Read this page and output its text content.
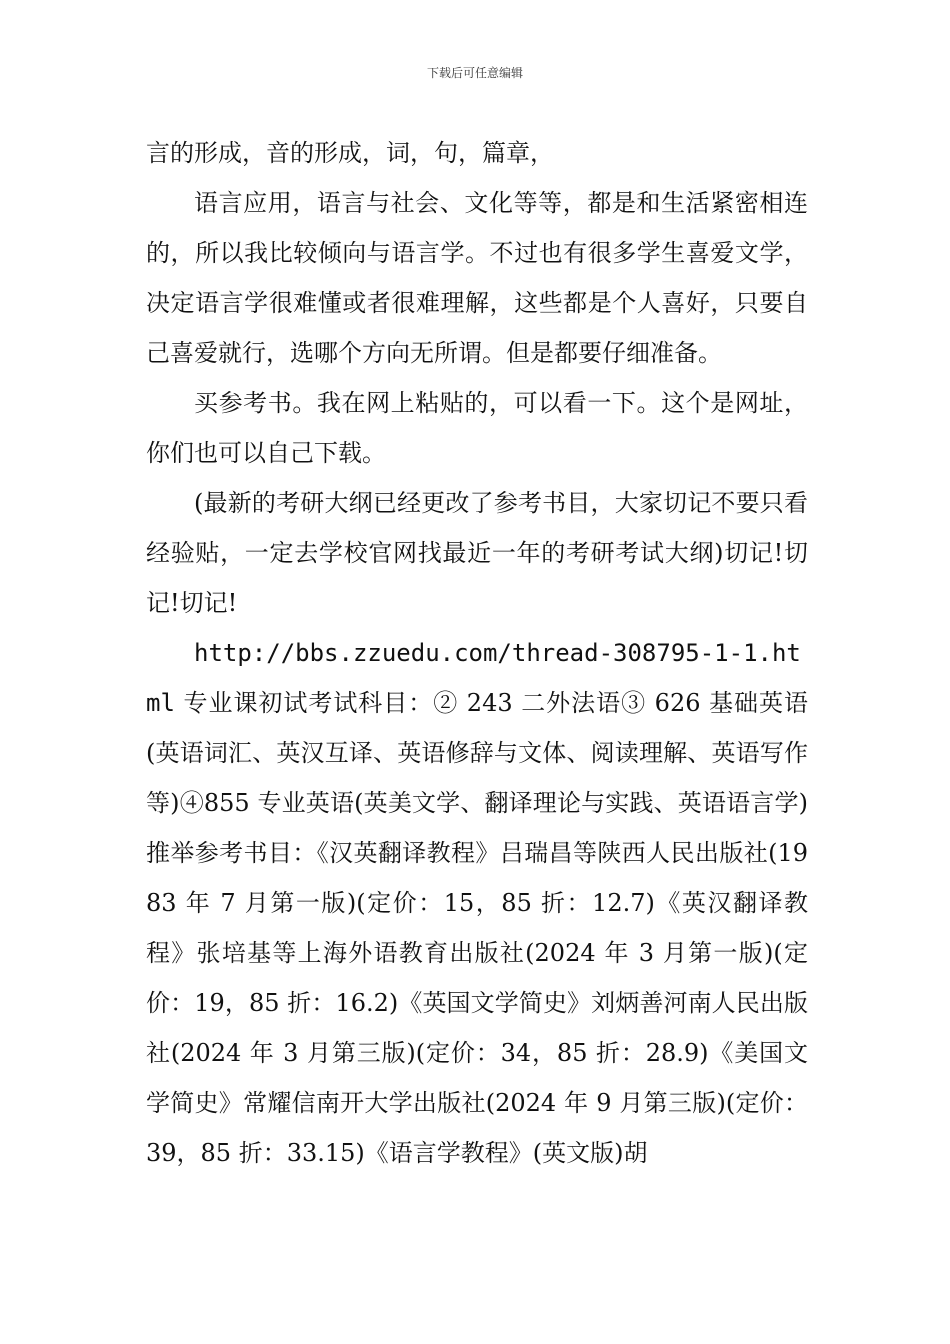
下载后可任意编辑

言的形成，音的形成，词，句，篇章，

语言应用，语言与社会、文化等等，都是和生活紧密相连的，所以我比较倾向与语言学。不过也有很多学生喜爱文学，决定语言学很难懂或者很难理解，这些都是个人喜好，只要自己喜爱就行，选哪个方向无所谓。但是都要仔细准备。

买参考书。我在网上粘贴的，可以看一下。这个是网址，你们也可以自己下载。

(最新的考研大纲已经更改了参考书目，大家切记不要只看经验贴，一定去学校官网找最近一年的考研考试大纲)切记!切记!切记!

http://bbs.zzuedu.com/thread-308795-1-1.html 专业课初试考试科目：② 243 二外法语③ 626 基础英语(英语词汇、英汉互译、英语修辞与文体、阅读理解、英语写作等)④855 专业英语(英美文学、翻译理论与实践、英语语言学)推举参考书目：《汉英翻译教程》吕瑞昌等陕西人民出版社(1983 年 7 月第一版)(定价：15，85 折：12.7)《英汉翻译教程》张培基等上海外语教育出版社(2024 年 3 月第一版)(定价：19，85 折：16.2)《英国文学简史》刘炳善河南人民出版社(2024 年 3 月第三版)(定价：34，85 折：28.9)《美国文学简史》常耀信南开大学出版社(2024 年 9 月第三版)(定价：39，85 折：33.15)《语言学教程》(英文版)胡
